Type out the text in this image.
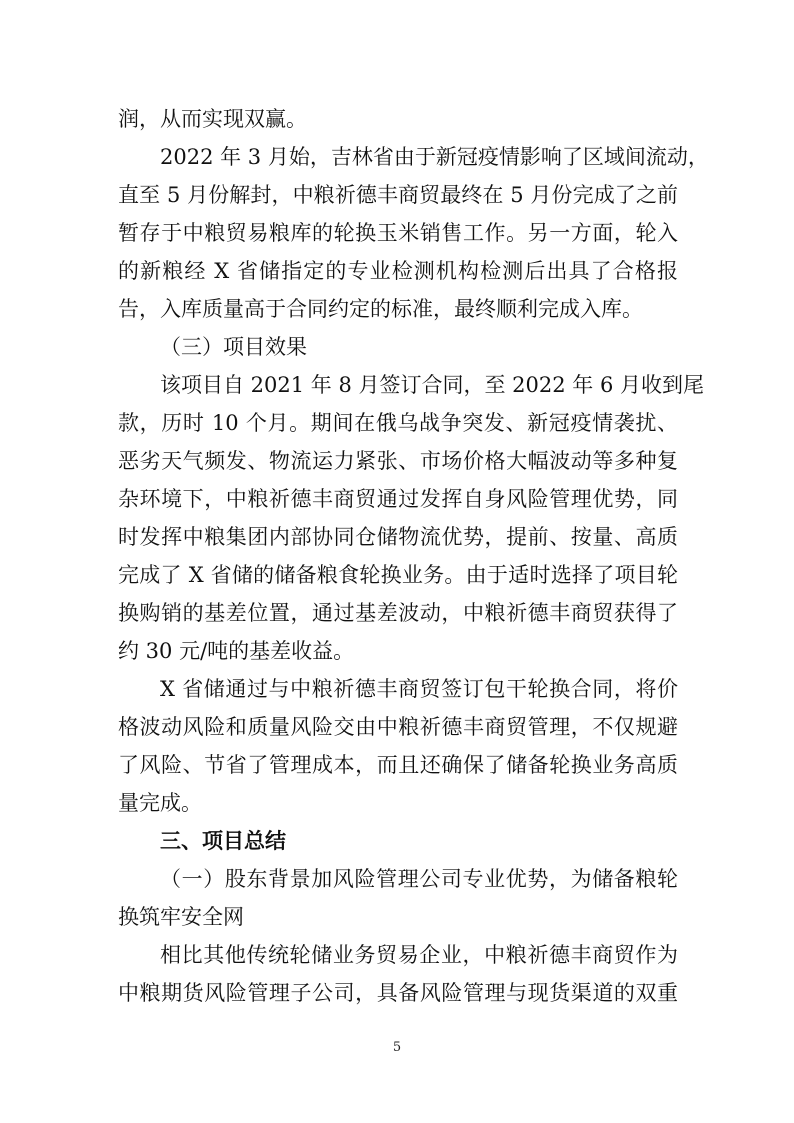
润，从而实现双赢。
2022 年 3 月始，吉林省由于新冠疫情影响了区域间流动，
直至 5 月份解封，中粮祈德丰商贸最终在 5 月份完成了之前
暂存于中粮贸易粮库的轮换玉米销售工作。另一方面，轮入
的新粮经 X 省储指定的专业检测机构检测后出具了合格报
告，入库质量高于合同约定的标准，最终顺利完成入库。
（三）项目效果
该项目自 2021 年 8 月签订合同，至 2022 年 6 月收到尾
款，历时 10 个月。期间在俄乌战争突发、新冠疫情袭扰、
恶劣天气频发、物流运力紧张、市场价格大幅波动等多种复
杂环境下，中粮祈德丰商贸通过发挥自身风险管理优势，同
时发挥中粮集团内部协同仓储物流优势，提前、按量、高质
完成了 X 省储的储备粮食轮换业务。由于适时选择了项目轮
换购销的基差位置，通过基差波动，中粮祈德丰商贸获得了
约 30 元/吨的基差收益。
X 省储通过与中粮祈德丰商贸签订包干轮换合同，将价
格波动风险和质量风险交由中粮祈德丰商贸管理，不仅规避
了风险、节省了管理成本，而且还确保了储备轮换业务高质
量完成。
三、项目总结
（一）股东背景加风险管理公司专业优势，为储备粮轮
换筑牢安全网
相比其他传统轮储业务贸易企业，中粮祈德丰商贸作为
中粮期货风险管理子公司，具备风险管理与现货渠道的双重
5
